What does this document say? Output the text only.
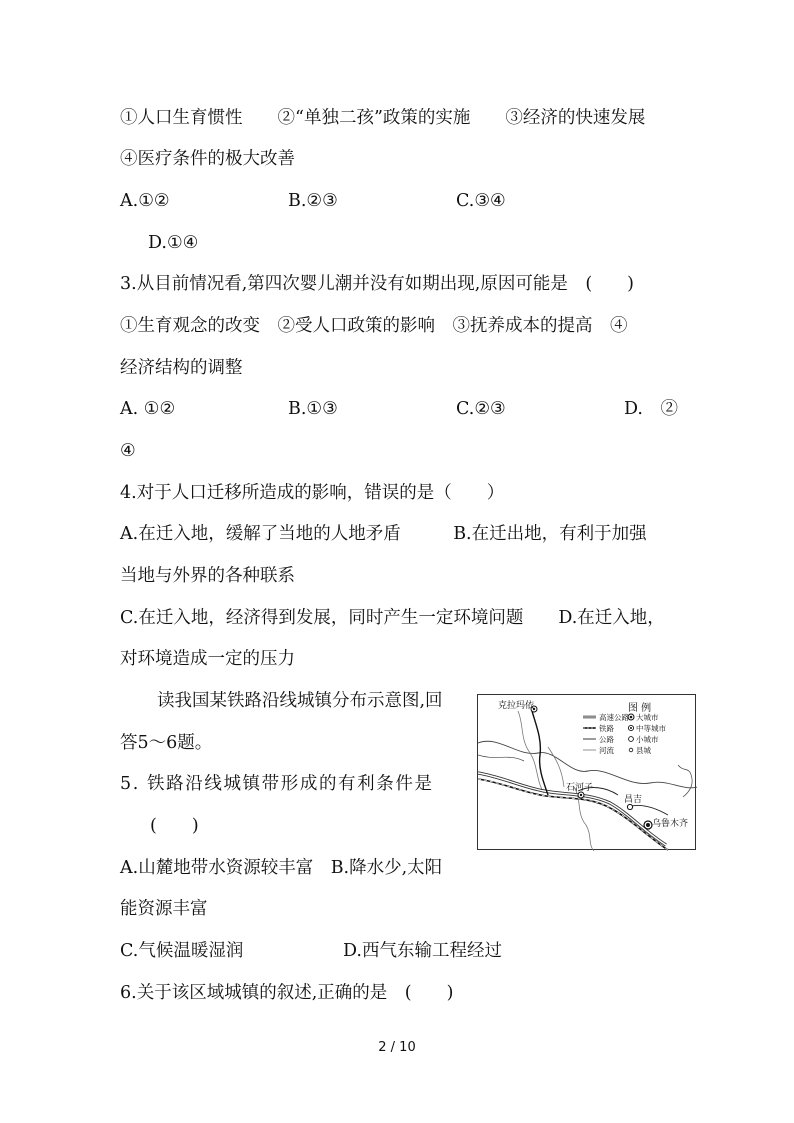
①人口生育惯性　　②“单独二孩”政策的实施　　③经济的快速发展
④医疗条件的极大改善
A.①②	B.②③	C.③④
D.①④
3.从目前情况看,第四次婴儿潮并没有如期出现,原因可能是　(　　)
①生育观念的改变　②受人口政策的影响　③抚养成本的提高　④
经济结构的调整
A. ①②	B.①③	C.②③	D.　②
④
4.对于人口迁移所造成的影响，错误的是（　　）
A.在迁入地，缓解了当地的人地矛盾　　　B.在迁出地，有利于加强
当地与外界的各种联系
C.在迁入地，经济得到发展，同时产生一定环境问题　　D.在迁入地，
对环境造成一定的压力
读我国某铁路沿线城镇分布示意图,回
答5～6题。
5. 铁路沿线城镇带形成的有利条件是
(　　)
A.山麓地带水资源较丰富　B.降水少,太阳
能资源丰富
C.气候温暖湿润	D.西气东输工程经过
6.关于该区域城镇的叙述,正确的是　(　　)
图 例
高速公路
铁路
公路
河流
大城市
中等城市
小城市
县城
克拉玛依
石河子
昌吉
乌鲁木齐
2 / 10
